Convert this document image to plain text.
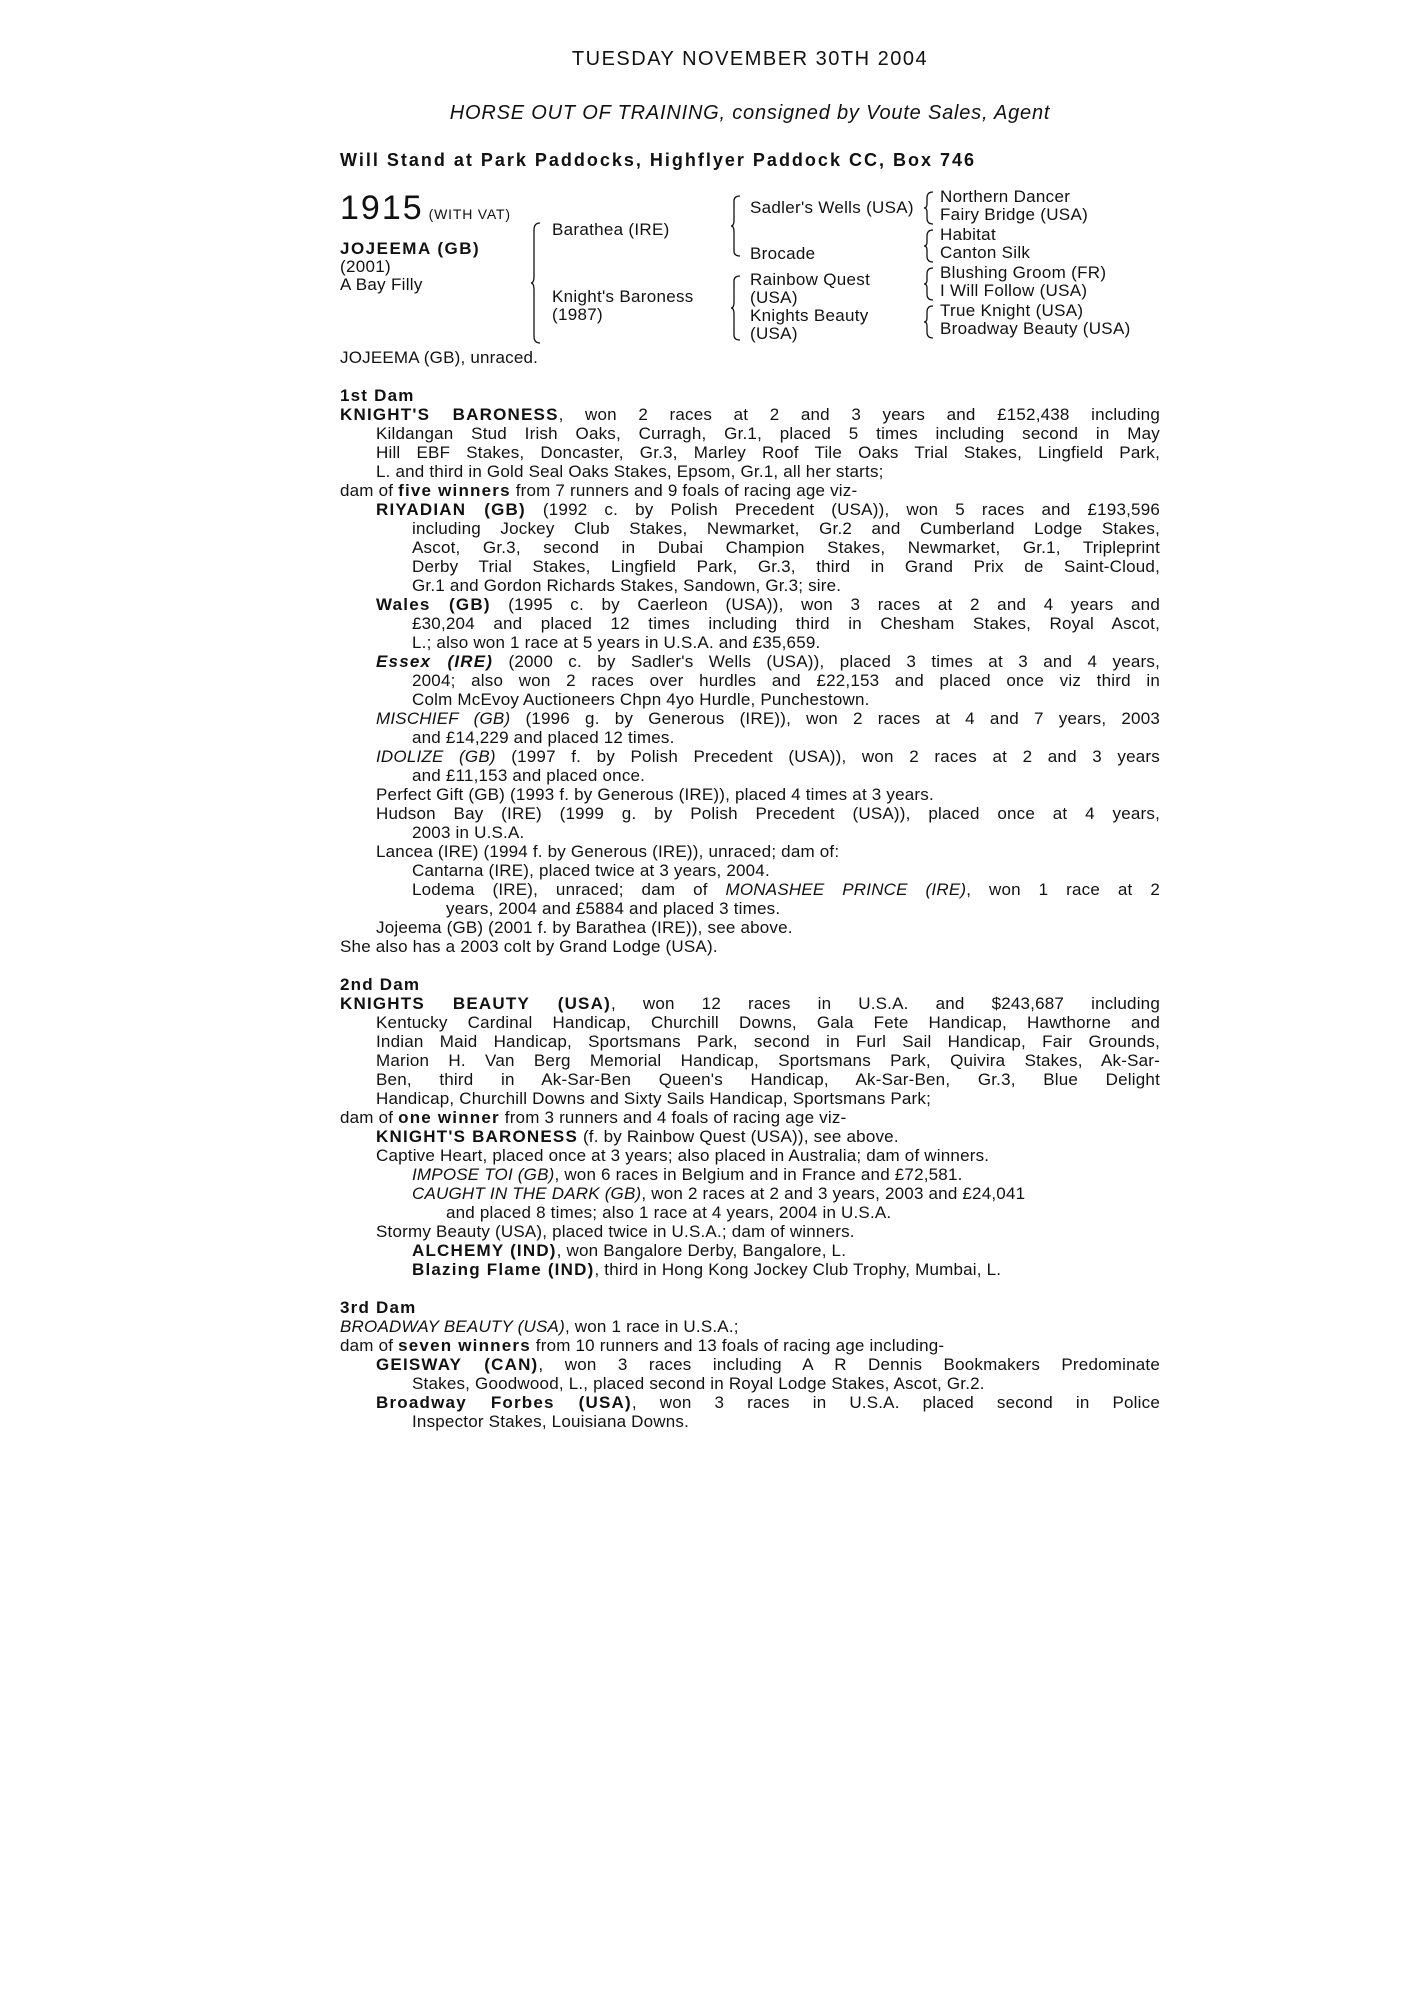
TUESDAY NOVEMBER 30TH 2004
HORSE OUT OF TRAINING, consigned by Voute Sales, Agent
Will Stand at Park Paddocks, Highflyer Paddock CC, Box 746
1915 (WITH VAT)
JOJEEMA (GB)
(2001)
A Bay Filly
Barathea (IRE)
Knight's Baroness
(1987)
Sadler's Wells (USA)
Brocade
Rainbow Quest
(USA)
Knights Beauty
(USA)
Northern Dancer
Fairy Bridge (USA)
Habitat
Canton Silk
Blushing Groom (FR)
I Will Follow (USA)
True Knight (USA)
Broadway Beauty (USA)
JOJEEMA (GB), unraced.
1st Dam
KNIGHT'S BARONESS, won 2 races at 2 and 3 years and £152,438 including
Kildangan Stud Irish Oaks, Curragh, Gr.1, placed 5 times including second in May
Hill EBF Stakes, Doncaster, Gr.3, Marley Roof Tile Oaks Trial Stakes, Lingfield Park,
L. and third in Gold Seal Oaks Stakes, Epsom, Gr.1, all her starts;
dam of five winners from 7 runners and 9 foals of racing age viz-
RIYADIAN (GB) (1992 c. by Polish Precedent (USA)), won 5 races and £193,596
including Jockey Club Stakes, Newmarket, Gr.2 and Cumberland Lodge Stakes,
Ascot, Gr.3, second in Dubai Champion Stakes, Newmarket, Gr.1, Tripleprint
Derby Trial Stakes, Lingfield Park, Gr.3, third in Grand Prix de Saint-Cloud,
Gr.1 and Gordon Richards Stakes, Sandown, Gr.3; sire.
Wales (GB) (1995 c. by Caerleon (USA)), won 3 races at 2 and 4 years and
£30,204 and placed 12 times including third in Chesham Stakes, Royal Ascot,
L.; also won 1 race at 5 years in U.S.A. and £35,659.
Essex (IRE) (2000 c. by Sadler's Wells (USA)), placed 3 times at 3 and 4 years,
2004; also won 2 races over hurdles and £22,153 and placed once viz third in
Colm McEvoy Auctioneers Chpn 4yo Hurdle, Punchestown.
MISCHIEF (GB) (1996 g. by Generous (IRE)), won 2 races at 4 and 7 years, 2003
and £14,229 and placed 12 times.
IDOLIZE (GB) (1997 f. by Polish Precedent (USA)), won 2 races at 2 and 3 years
and £11,153 and placed once.
Perfect Gift (GB) (1993 f. by Generous (IRE)), placed 4 times at 3 years.
Hudson Bay (IRE) (1999 g. by Polish Precedent (USA)), placed once at 4 years,
2003 in U.S.A.
Lancea (IRE) (1994 f. by Generous (IRE)), unraced; dam of:
Cantarna (IRE), placed twice at 3 years, 2004.
Lodema (IRE), unraced; dam of MONASHEE PRINCE (IRE), won 1 race at 2
years, 2004 and £5884 and placed 3 times.
Jojeema (GB) (2001 f. by Barathea (IRE)), see above.
She also has a 2003 colt by Grand Lodge (USA).
2nd Dam
KNIGHTS BEAUTY (USA), won 12 races in U.S.A. and $243,687 including
Kentucky Cardinal Handicap, Churchill Downs, Gala Fete Handicap, Hawthorne and
Indian Maid Handicap, Sportsmans Park, second in Furl Sail Handicap, Fair Grounds,
Marion H. Van Berg Memorial Handicap, Sportsmans Park, Quivira Stakes, Ak-Sar-
Ben, third in Ak-Sar-Ben Queen's Handicap, Ak-Sar-Ben, Gr.3, Blue Delight
Handicap, Churchill Downs and Sixty Sails Handicap, Sportsmans Park;
dam of one winner from 3 runners and 4 foals of racing age viz-
KNIGHT'S BARONESS (f. by Rainbow Quest (USA)), see above.
Captive Heart, placed once at 3 years; also placed in Australia; dam of winners.
IMPOSE TOI (GB), won 6 races in Belgium and in France and £72,581.
CAUGHT IN THE DARK (GB), won 2 races at 2 and 3 years, 2003 and £24,041
and placed 8 times; also 1 race at 4 years, 2004 in U.S.A.
Stormy Beauty (USA), placed twice in U.S.A.; dam of winners.
ALCHEMY (IND), won Bangalore Derby, Bangalore, L.
Blazing Flame (IND), third in Hong Kong Jockey Club Trophy, Mumbai, L.
3rd Dam
BROADWAY BEAUTY (USA), won 1 race in U.S.A.;
dam of seven winners from 10 runners and 13 foals of racing age including-
GEISWAY (CAN), won 3 races including A R Dennis Bookmakers Predominate
Stakes, Goodwood, L., placed second in Royal Lodge Stakes, Ascot, Gr.2.
Broadway Forbes (USA), won 3 races in U.S.A. placed second in Police
Inspector Stakes, Louisiana Downs.
